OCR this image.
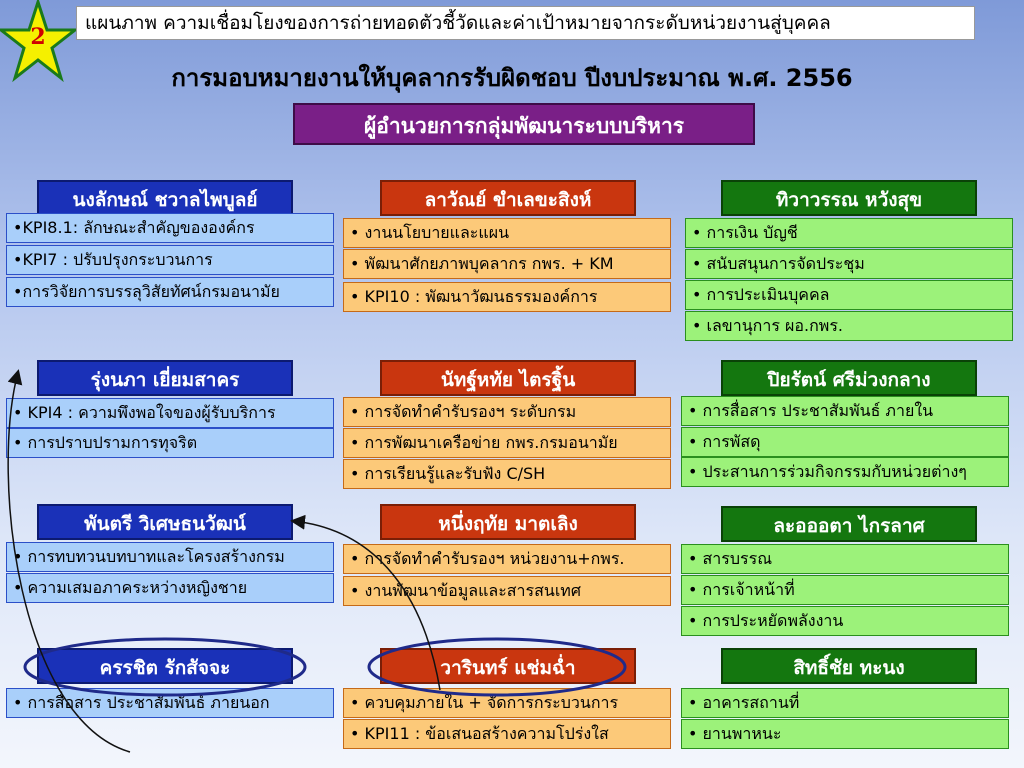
2
แผนภาพ ความเชื่อมโยงของการถ่ายทอดตัวชี้วัดและค่าเป้าหมายจากระดับหน่วยงานสู่บุคคล
การมอบหมายงานให้บุคลากรรับผิดชอบ ปีงบประมาณ พ.ศ. 2556
ผู้อำนวยการกลุ่มพัฒนาระบบบริหาร
นงลักษณ์ ชวาลไพบูลย์
•KPI8.1: ลักษณะสำคัญขององค์กร
•KPI7 : ปรับปรุงกระบวนการ
•การวิจัยการบรรลุวิสัยทัศน์กรมอนามัย
รุ่งนภา เยี่ยมสาคร
• KPI4 : ความพึงพอใจของผู้รับบริการ
• การปราบปรามการทุจริต
พันตรี วิเศษธนวัฒน์
• การทบทวนบทบาทและโครงสร้างกรม
• ความเสมอภาคระหว่างหญิงชาย
ครรชิต รักสัจจะ
• การสื่อสาร ประชาสัมพันธ์ ภายนอก
ลาวัณย์ ขำเลขะสิงห์
• งานนโยบายและแผน
• พัฒนาศักยภาพบุคลากร กพร. + KM
• KPI10 : พัฒนาวัฒนธรรมองค์การ
นัทฐ์หทัย ไตรฐิ้น
• การจัดทำคำรับรองฯ ระดับกรม
• การพัฒนาเครือข่าย กพร.กรมอนามัย
• การเรียนรู้และรับฟัง C/SH
หนึ่งฤทัย มาตเลิง
• การจัดทำคำรับรองฯ หน่วยงาน+กพร.
• งานพัฒนาข้อมูลและสารสนเทศ
วารินทร์ แช่มฉ่ำ
• ควบคุมภายใน + จัดการกระบวนการ
• KPI11 : ข้อเสนอสร้างความโปร่งใส
ทิวาวรรณ หวังสุข
• การเงิน บัญชี
• สนับสนุนการจัดประชุม
• การประเมินบุคคล
• เลขานุการ ผอ.กพร.
ปิยรัตน์ ศรีม่วงกลาง
• การสื่อสาร ประชาสัมพันธ์ ภายใน
• การพัสดุ
• ประสานการร่วมกิจกรรมกับหน่วยต่างๆ
ละอออตา ไกรลาศ
• สารบรรณ
• การเจ้าหน้าที่
• การประหยัดพลังงาน
สิทธิ์ชัย ทะนง
• อาคารสถานที่
• ยานพาหนะ
